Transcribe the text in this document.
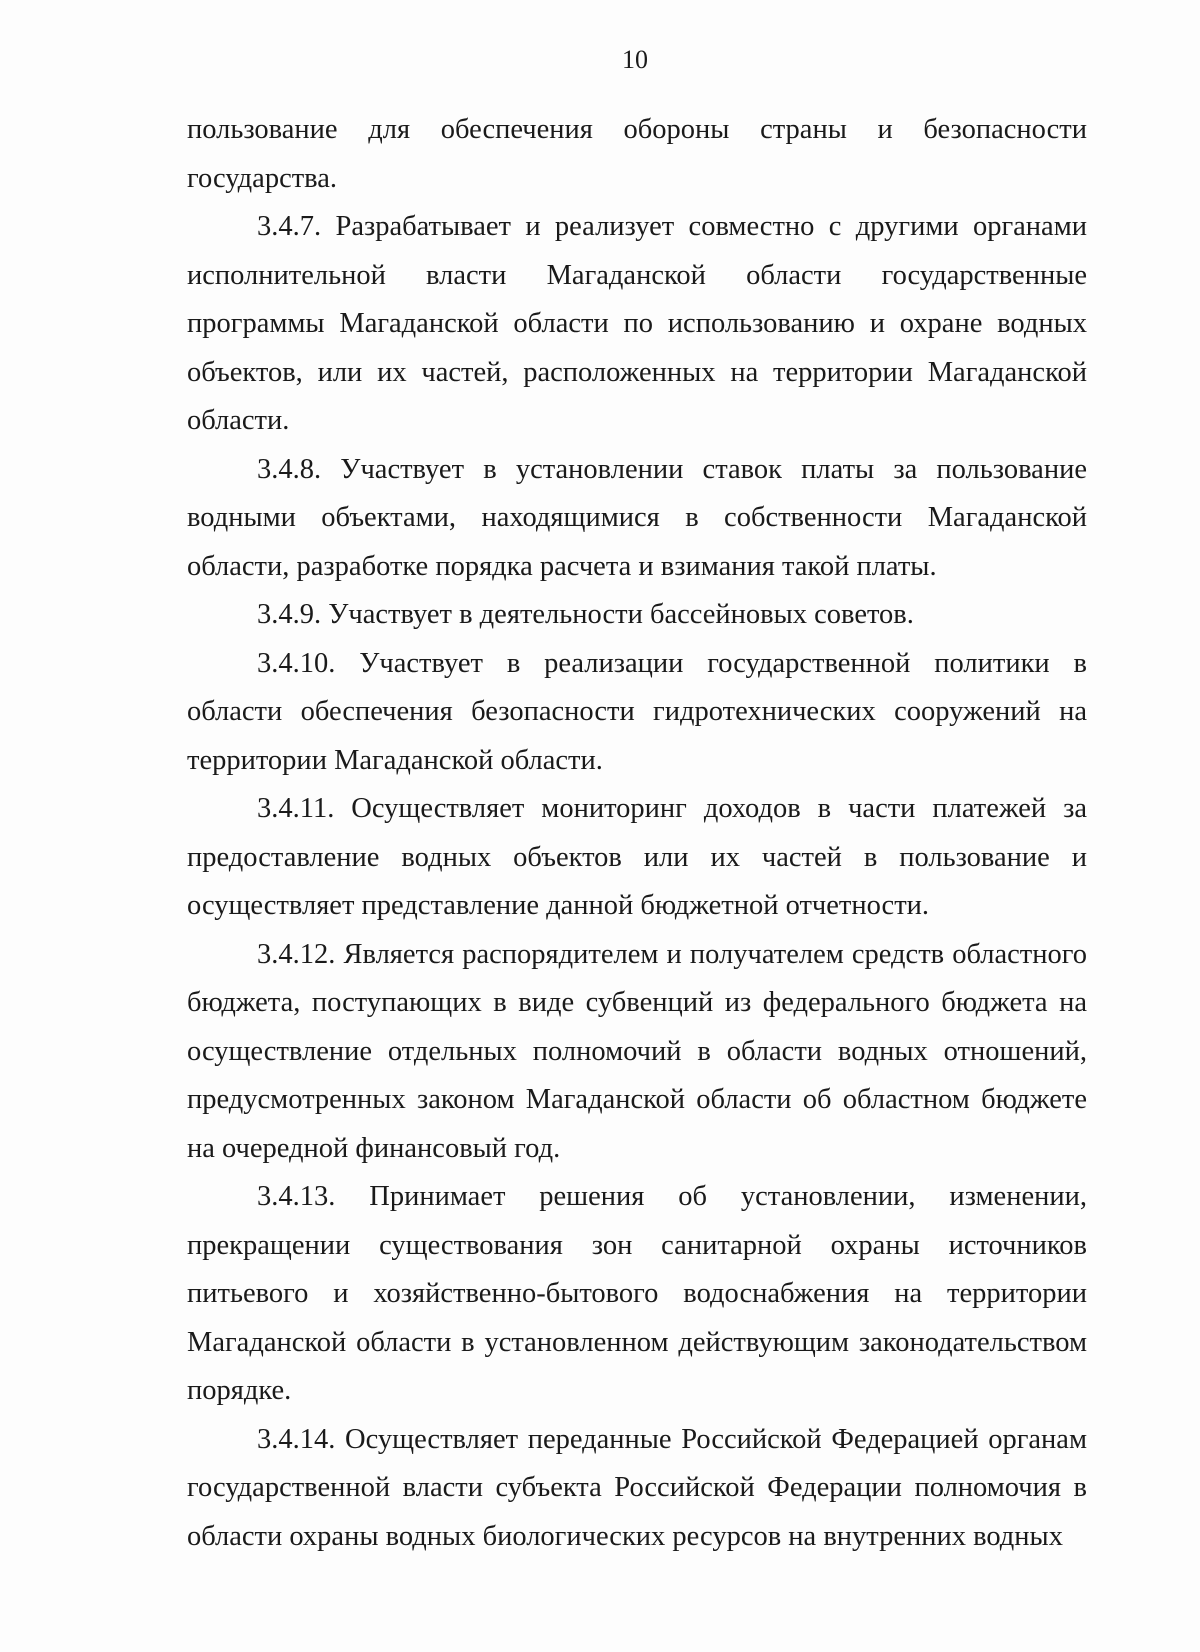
10

пользование для обеспечения обороны страны и безопасности государства.

3.4.7. Разрабатывает и реализует совместно с другими органами исполнительной власти Магаданской области государственные программы Магаданской области по использованию и охране водных объектов, или их частей, расположенных на территории Магаданской области.

3.4.8. Участвует в установлении ставок платы за пользование водными объектами, находящимися в собственности Магаданской области, разработке порядка расчета и взимания такой платы.

3.4.9. Участвует в деятельности бассейновых советов.

3.4.10. Участвует в реализации государственной политики в области обеспечения безопасности гидротехнических сооружений на территории Магаданской области.

3.4.11. Осуществляет мониторинг доходов в части платежей за предоставление водных объектов или их частей в пользование и осуществляет представление данной бюджетной отчетности.

3.4.12. Является распорядителем и получателем средств областного бюджета, поступающих в виде субвенций из федерального бюджета на осуществление отдельных полномочий в области водных отношений, предусмотренных законом Магаданской области об областном бюджете на очередной финансовый год.

3.4.13. Принимает решения об установлении, изменении, прекращении существования зон санитарной охраны источников питьевого и хозяйственно-бытового водоснабжения на территории Магаданской области в установленном действующим законодательством порядке.

3.4.14. Осуществляет переданные Российской Федерацией органам государственной власти субъекта Российской Федерации полномочия в области охраны водных биологических ресурсов на внутренних водных
